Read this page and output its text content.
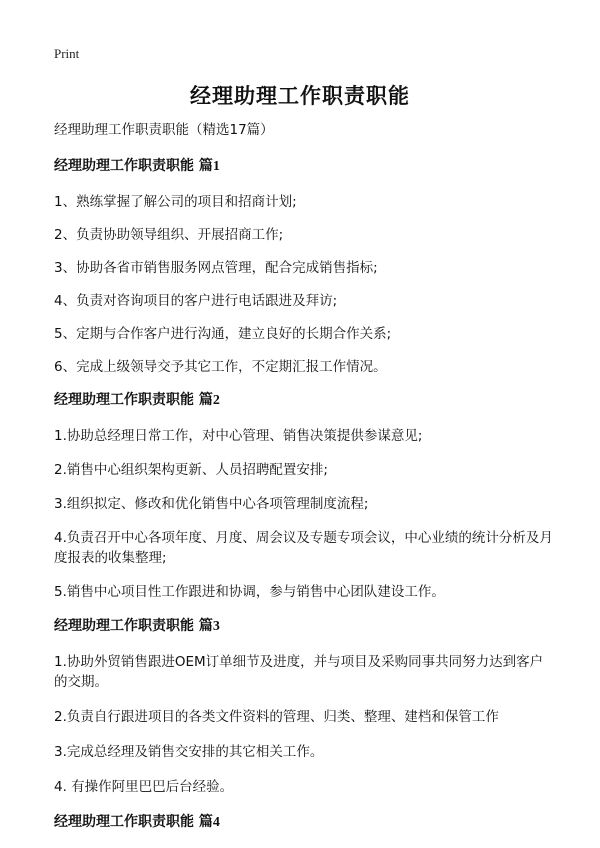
Print
经理助理工作职责职能

经理助理工作职责职能（精选17篇）

经理助理工作职责职能 篇1

1、熟练掌握了解公司的项目和招商计划;

2、负责协助领导组织、开展招商工作;

3、协助各省市销售服务网点管理，配合完成销售指标;

4、负责对咨询项目的客户进行电话跟进及拜访;

5、定期与合作客户进行沟通，建立良好的长期合作关系;

6、完成上级领导交予其它工作，不定期汇报工作情况。

经理助理工作职责职能 篇2

1.协助总经理日常工作，对中心管理、销售决策提供参谋意见;

2.销售中心组织架构更新、人员招聘配置安排;

3.组织拟定、修改和优化销售中心各项管理制度流程;

4.负责召开中心各项年度、月度、周会议及专题专项会议，中心业绩的统计分析及月度报表的收集整理;

5.销售中心项目性工作跟进和协调，参与销售中心团队建设工作。

经理助理工作职责职能 篇3

1.协助外贸销售跟进OEM订单细节及进度，并与项目及采购同事共同努力达到客户的交期。

2.负责自行跟进项目的各类文件资料的管理、归类、整理、建档和保管工作

3.完成总经理及销售交安排的其它相关工作。

4. 有操作阿里巴巴后台经验。

经理助理工作职责职能 篇4
